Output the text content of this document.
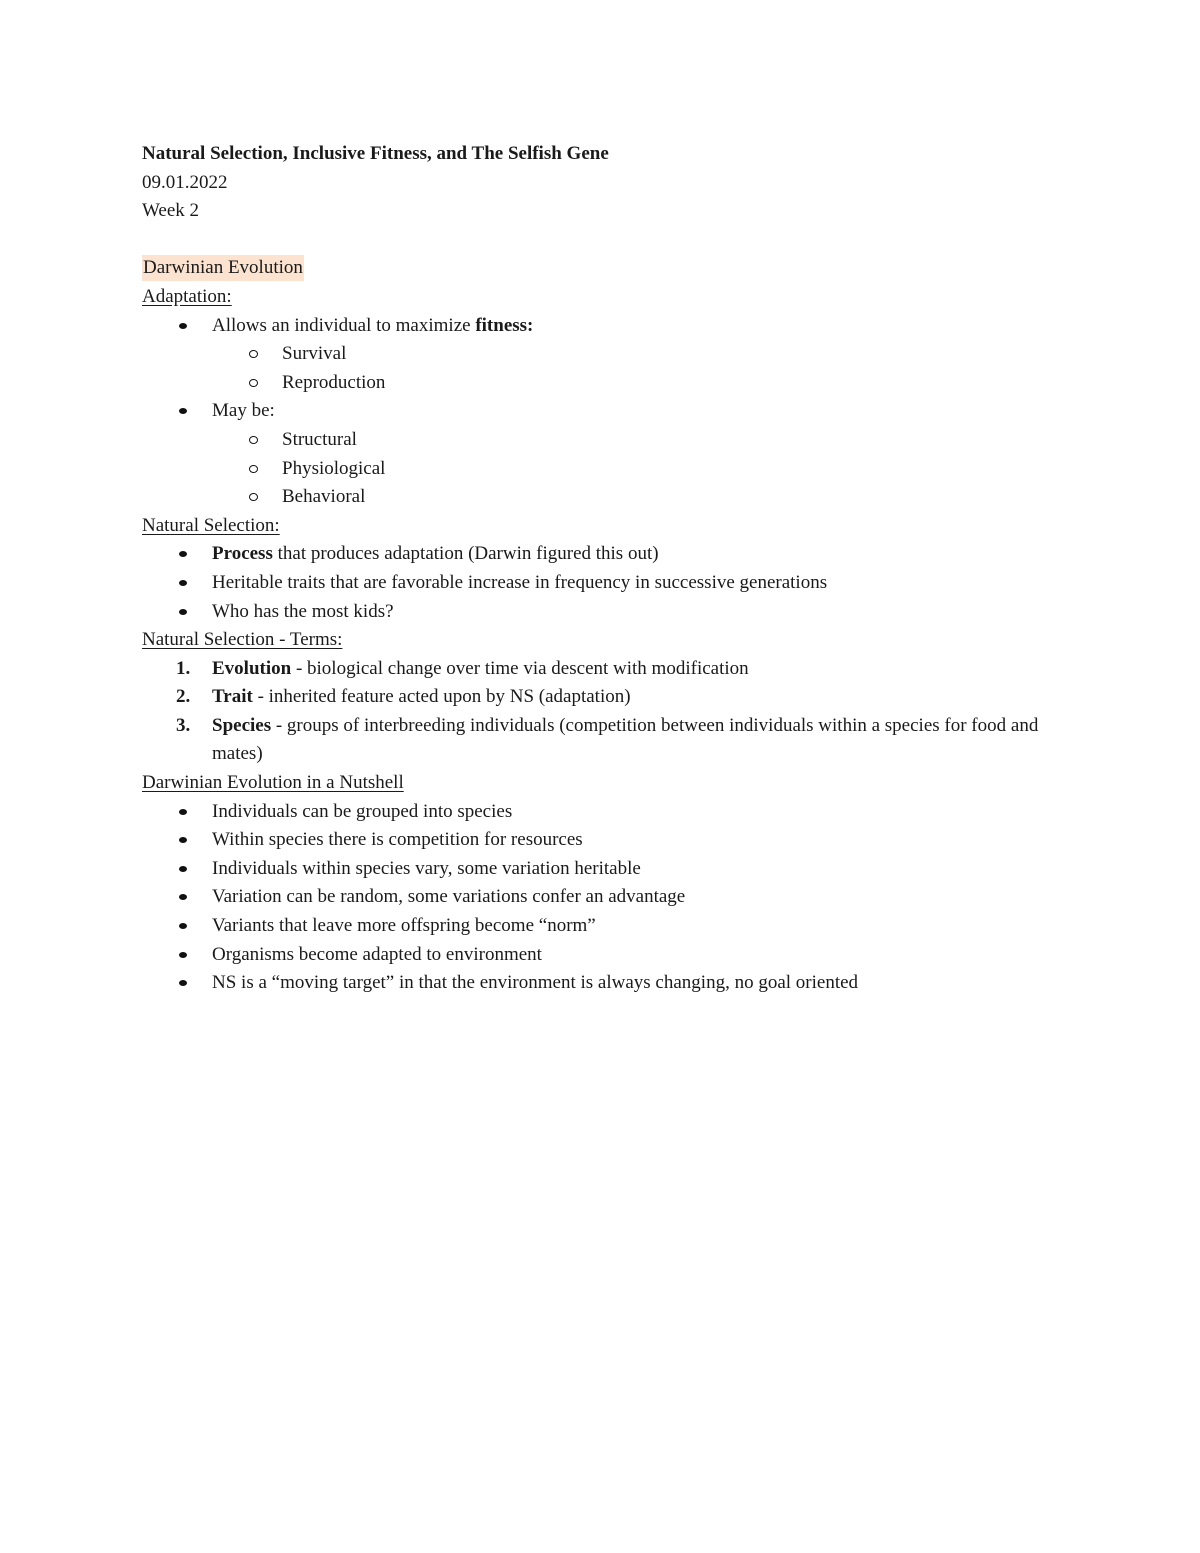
Natural Selection, Inclusive Fitness, and The Selfish Gene
09.01.2022
Week 2

Darwinian Evolution
Adaptation:
Allows an individual to maximize fitness:
Survival
Reproduction
May be:
Structural
Physiological
Behavioral
Natural Selection:
Process that produces adaptation (Darwin figured this out)
Heritable traits that are favorable increase in frequency in successive generations
Who has the most kids?
Natural Selection - Terms:
1. Evolution - biological change over time via descent with modification
2. Trait - inherited feature acted upon by NS (adaptation)
3. Species - groups of interbreeding individuals (competition between individuals within a species for food and mates)
Darwinian Evolution in a Nutshell
Individuals can be grouped into species
Within species there is competition for resources
Individuals within species vary, some variation heritable
Variation can be random, some variations confer an advantage
Variants that leave more offspring become “norm”
Organisms become adapted to environment
NS is a “moving target” in that the environment is always changing, no goal oriented
